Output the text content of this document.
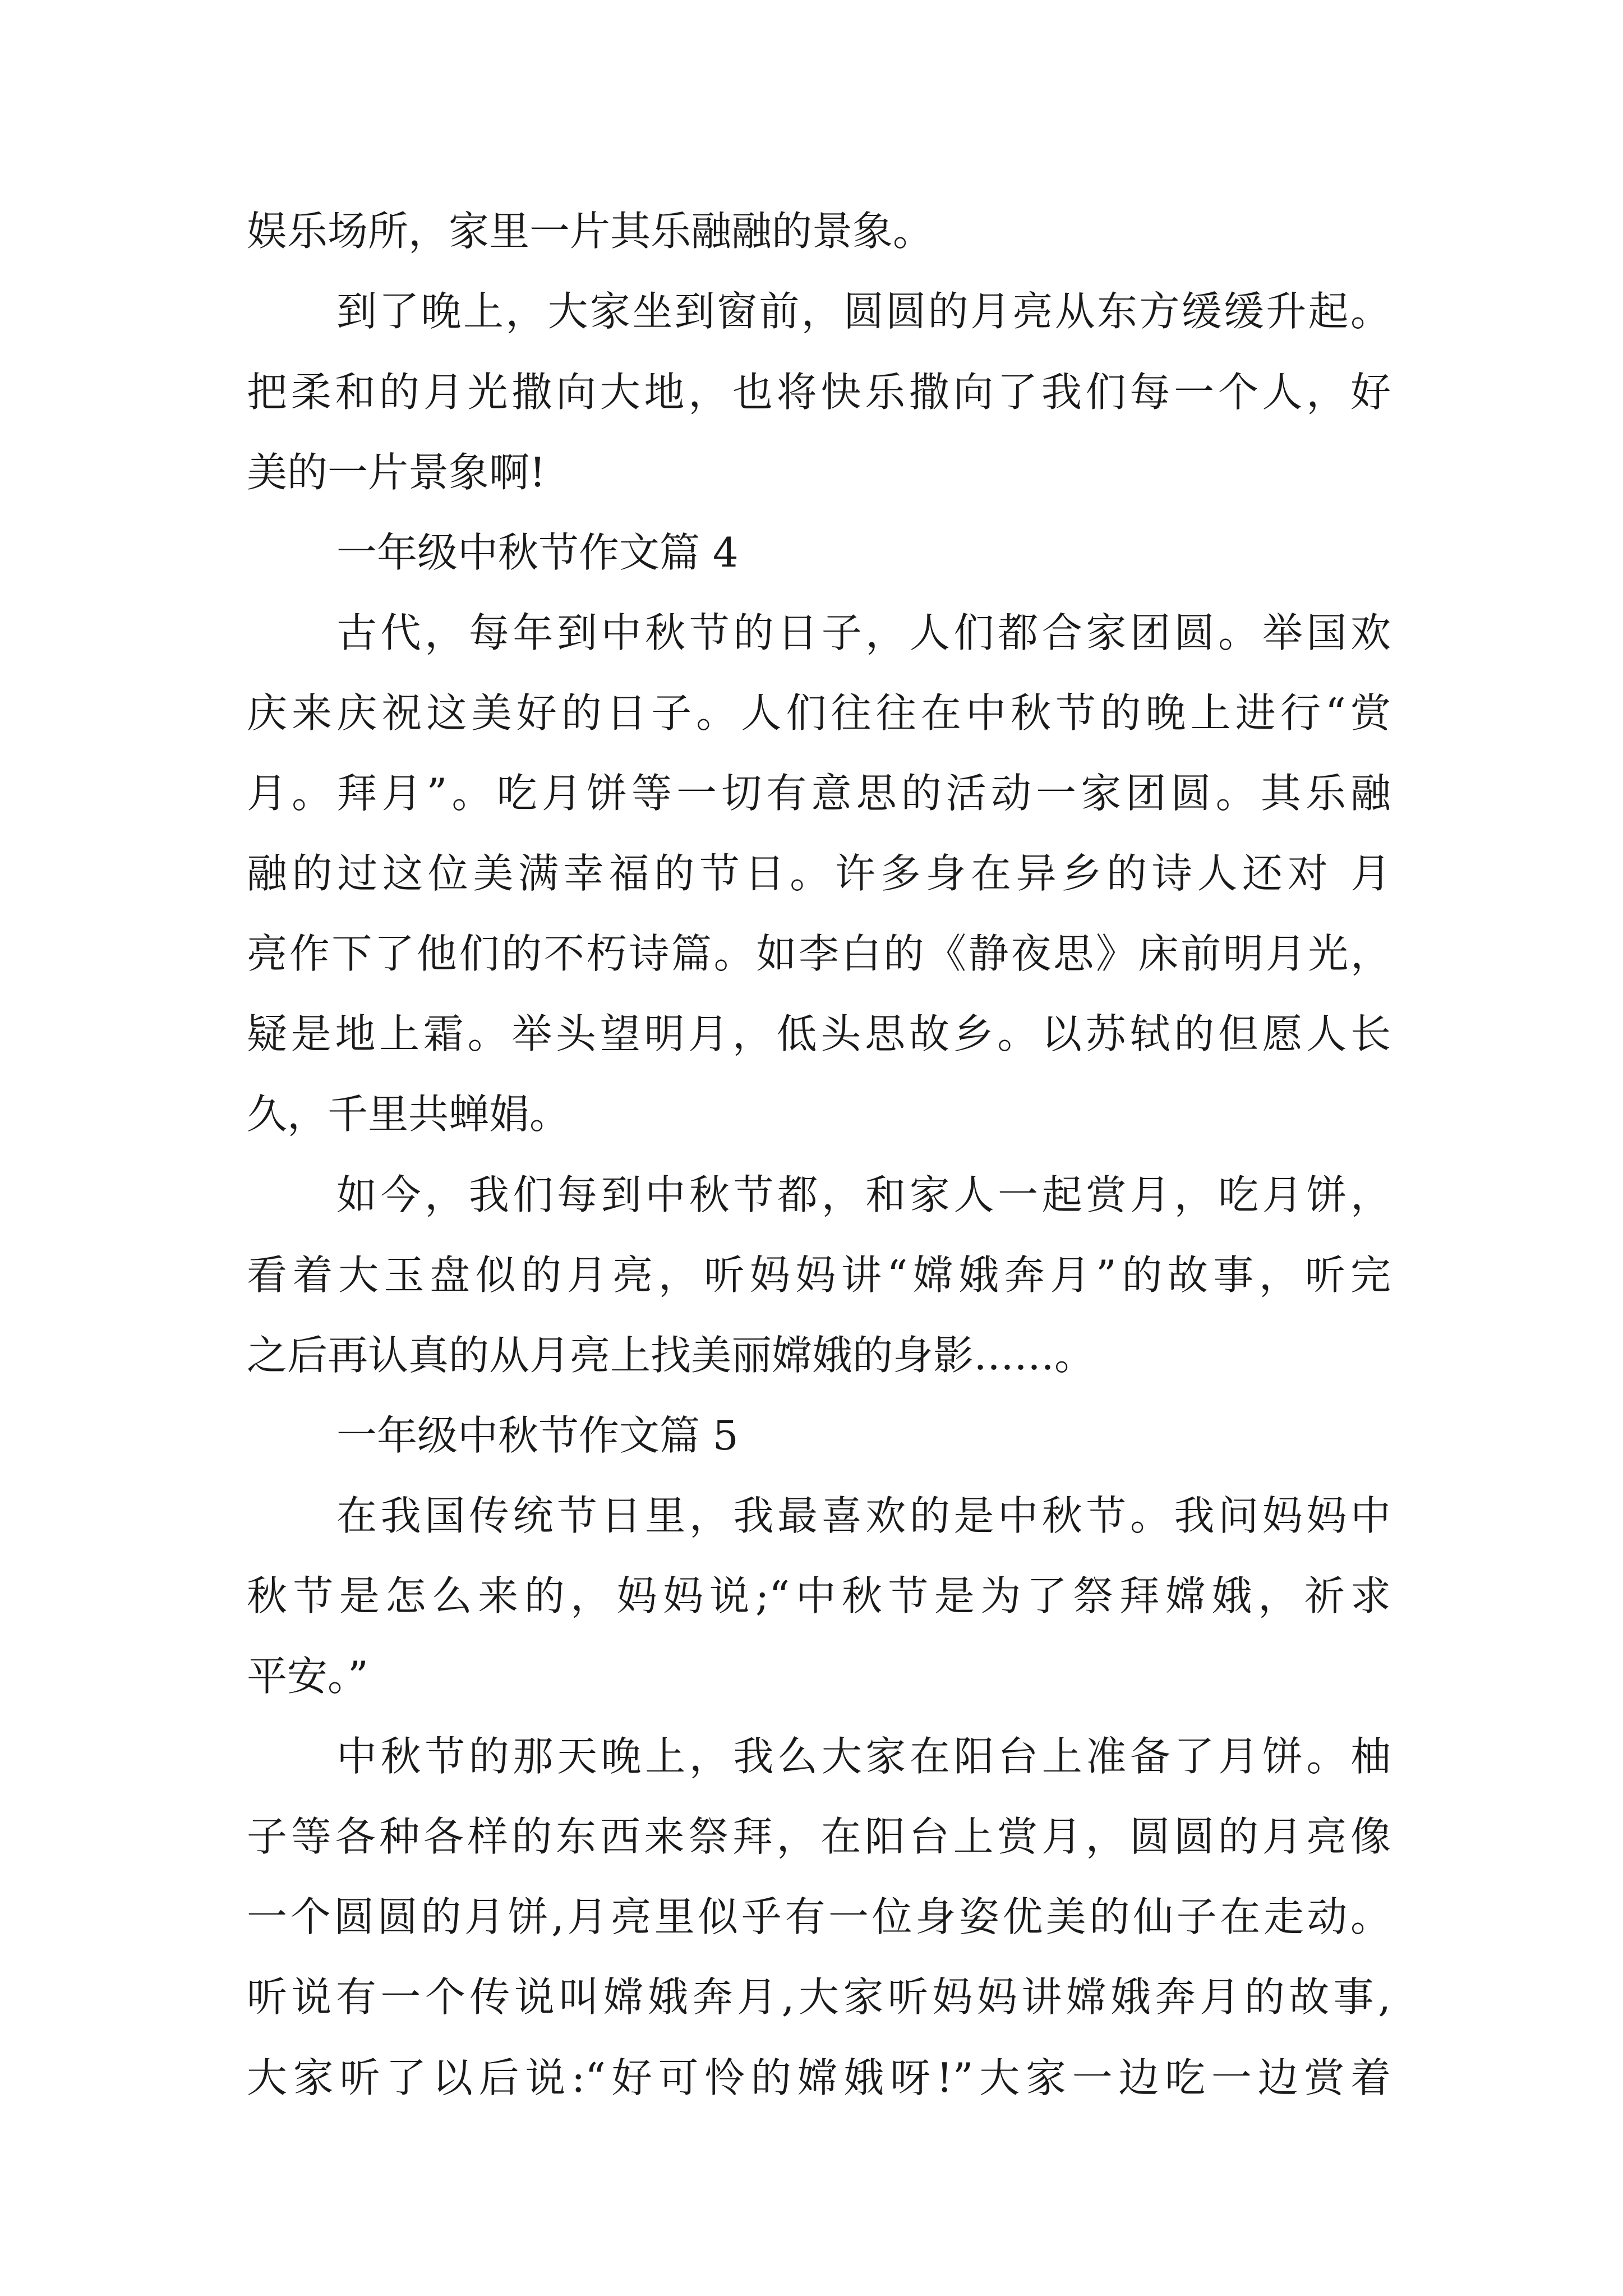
娱乐场所，家里一片其乐融融的景象。
到了晚上，大家坐到窗前，圆圆的月亮从东方缓缓升起。
把柔和的月光撒向大地，也将快乐撒向了我们每一个人，好
美的一片景象啊!
一年级中秋节作文篇 4
古代，每年到中秋节的日子，人们都合家团圆。举国欢
庆来庆祝这美好的日子。人们往往在中秋节的晚上进行“赏
月。拜月”。吃月饼等一切有意思的活动一家团圆。其乐融
融的过这位美满幸福的节日。许多身在异乡的诗人还对 月
亮作下了他们的不朽诗篇。如李白的《静夜思》床前明月光，
疑是地上霜。举头望明月，低头思故乡。以苏轼的但愿人长
久，千里共蝉娟。
如今，我们每到中秋节都，和家人一起赏月，吃月饼，
看着大玉盘似的月亮，听妈妈讲“嫦娥奔月”的故事，听完
之后再认真的从月亮上找美丽嫦娥的身影……。
一年级中秋节作文篇 5
在我国传统节日里，我最喜欢的是中秋节。我问妈妈中
秋节是怎么来的，妈妈说;“中秋节是为了祭拜嫦娥，祈求
平安。”
中秋节的那天晚上，我么大家在阳台上准备了月饼。柚
子等各种各样的东西来祭拜，在阳台上赏月，圆圆的月亮像
一个圆圆的月饼,月亮里似乎有一位身姿优美的仙子在走动。
听说有一个传说叫嫦娥奔月,大家听妈妈讲嫦娥奔月的故事,
大家听了以后说:“好可怜的嫦娥呀!”大家一边吃一边赏着
